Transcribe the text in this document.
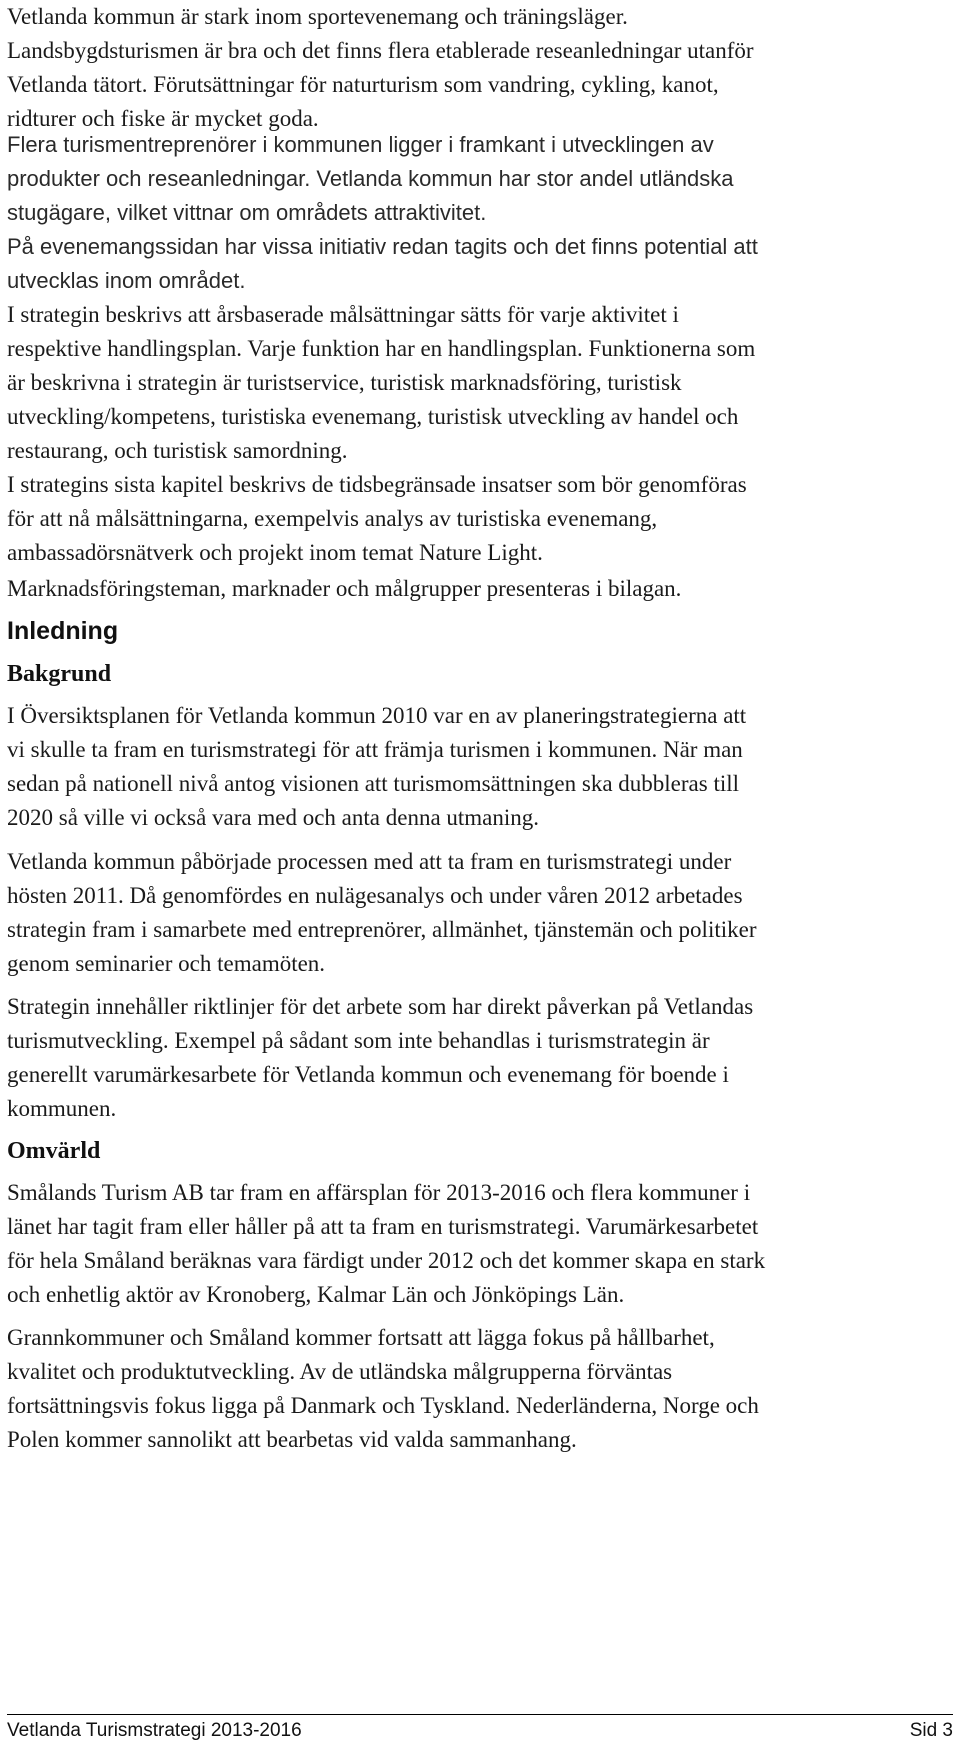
Vetlanda kommun är stark inom sportevenemang och träningsläger.
Landsbygdsturismen är bra och det finns flera etablerade reseanledningar utanför
Vetlanda tätort. Förutsättningar för naturturism som vandring, cykling, kanot,
ridturer och fiske är mycket goda.
Flera turismentreprenörer i kommunen ligger i framkant i utvecklingen av
produkter och reseanledningar. Vetlanda kommun har stor andel utländska
stugägare, vilket vittnar om områdets attraktivitet.
På evenemangssidan har vissa initiativ redan tagits och det finns potential att
utvecklas inom området.
I strategin beskrivs att årsbaserade målsättningar sätts för varje aktivitet i
respektive handlingsplan. Varje funktion har en handlingsplan. Funktionerna som
är beskrivna i strategin är turistservice, turistisk marknadsföring, turistisk
utveckling/kompetens, turistiska evenemang, turistisk utveckling av handel och
restaurang, och turistisk samordning.
I strategins sista kapitel beskrivs de tidsbegränsade insatser som bör genomföras
för att nå målsättningarna, exempelvis analys av turistiska evenemang,
ambassadörsnätverk och projekt inom temat Nature Light.
Marknadsföringsteman, marknader och målgrupper presenteras i bilagan.
Inledning
Bakgrund
I Översiktsplanen för Vetlanda kommun 2010 var en av planeringstrategierna att
vi skulle ta fram en turismstrategi för att främja turismen i kommunen. När man
sedan på nationell nivå antog visionen att turismomsättningen ska dubbleras till
2020 så ville vi också vara med och anta denna utmaning.
Vetlanda kommun påbörjade processen med att ta fram en turismstrategi under
hösten 2011. Då genomfördes en nulägesanalys och under våren 2012 arbetades
strategin fram i samarbete med entreprenörer, allmänhet, tjänstemän och politiker
genom seminarier och temamöten.
Strategin innehåller riktlinjer för det arbete som har direkt påverkan på Vetlandas
turismutveckling. Exempel på sådant som inte behandlas i turismstrategin är
generellt varumärkesarbete för Vetlanda kommun och evenemang för boende i
kommunen.
Omvärld
Smålands Turism AB tar fram en affärsplan för 2013-2016 och flera kommuner i
länet har tagit fram eller håller på att ta fram en turismstrategi. Varumärkesarbetet
för hela Småland beräknas vara färdigt under 2012 och det kommer skapa en stark
och enhetlig aktör av Kronoberg, Kalmar Län och Jönköpings Län.
Grannkommuner och Småland kommer fortsatt att lägga fokus på hållbarhet,
kvalitet och produktutveckling. Av de utländska målgrupperna förväntas
fortsättningsvis fokus ligga på Danmark och Tyskland. Nederländerna, Norge och
Polen kommer sannolikt att bearbetas vid valda sammanhang.
Vetlanda Turismstrategi 2013-2016	Sid 3
